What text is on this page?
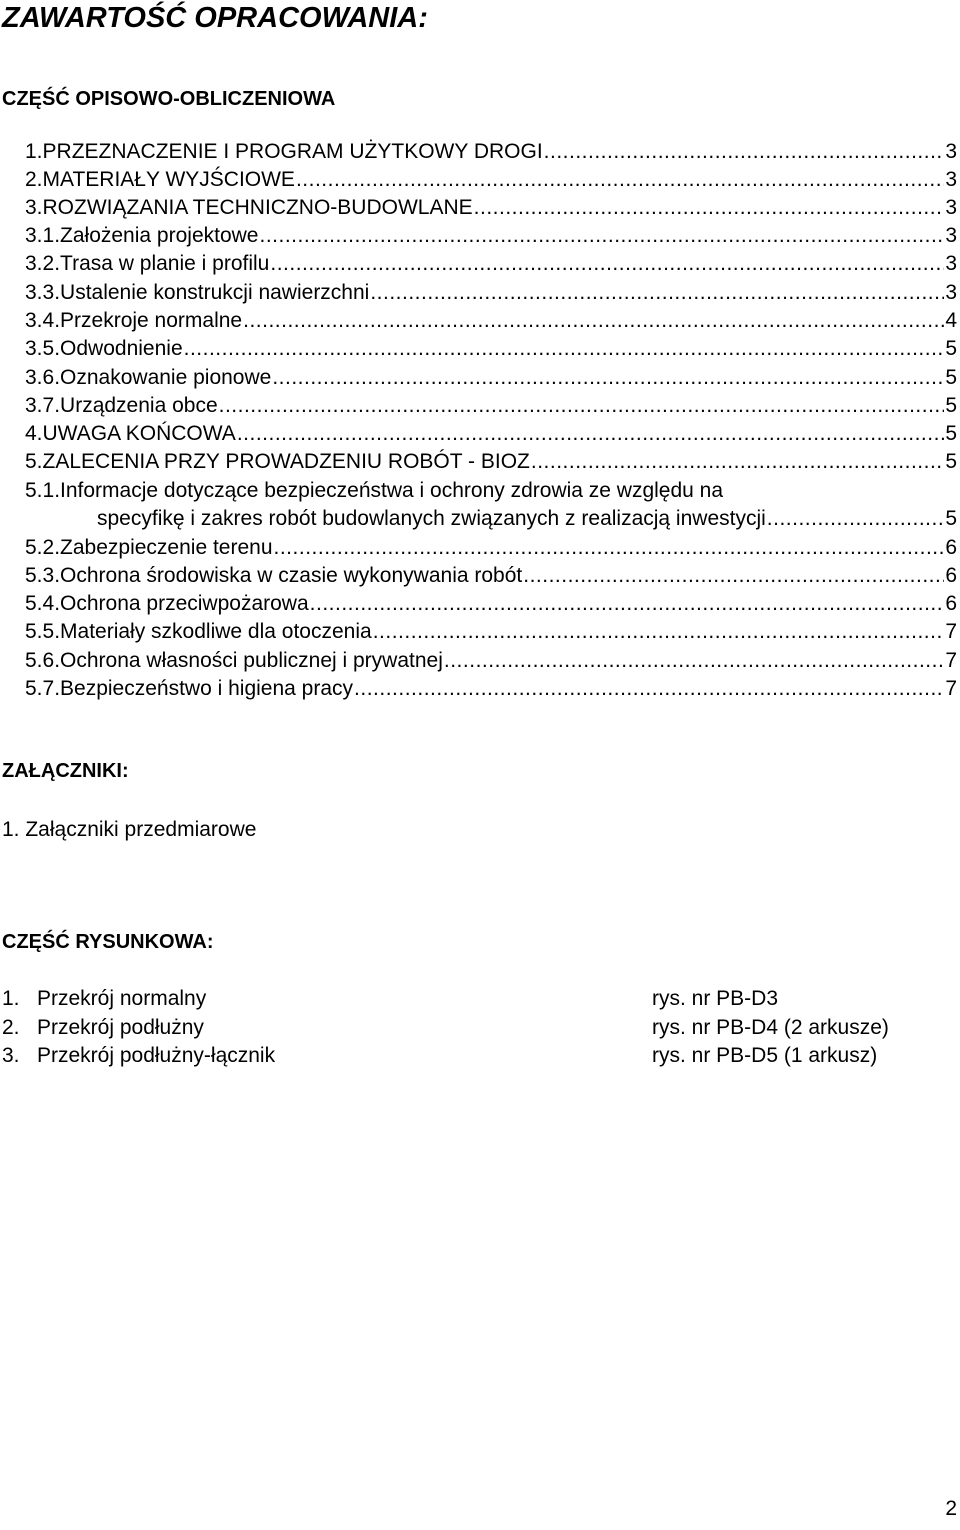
ZAWARTOŚĆ OPRACOWANIA:
CZĘŚĆ OPISOWO-OBLICZENIOWA
1. PRZEZNACZENIE I PROGRAM UŻYTKOWY DROGI .....	3
2. MATERIAŁY WYJŚCIOWE .....	3
3. ROZWIĄZANIA TECHNICZNO-BUDOWLANE .....	3
3.1. Założenia projektowe .....	3
3.2. Trasa w planie i profilu .....	3
3.3. Ustalenie konstrukcji nawierzchni .....	3
3.4. Przekroje normalne .....	4
3.5. Odwodnienie .....	5
3.6. Oznakowanie pionowe .....	5
3.7. Urządzenia obce .....	5
4. UWAGA KOŃCOWA .....	5
5. ZALECENIA PRZY PROWADZENIU ROBÓT - BIOZ .....	5
5.1. Informacje dotyczące bezpieczeństwa i ochrony zdrowia ze względu na
specyfikę i zakres robót budowlanych związanych z realizacją inwestycji .....	5
5.2. Zabezpieczenie terenu .....	6
5.3. Ochrona środowiska w czasie wykonywania robót .....	6
5.4. Ochrona przeciwpożarowa .....	6
5.5. Materiały szkodliwe dla otoczenia .....	7
5.6. Ochrona własności publicznej i prywatnej .....	7
5.7. Bezpieczeństwo i higiena pracy .....	7
ZAŁĄCZNIKI:
1. Załączniki przedmiarowe
CZĘŚĆ RYSUNKOWA:
1. Przekrój normalny	rys. nr PB-D3
2. Przekrój podłużny	rys. nr PB-D4 (2 arkusze)
3. Przekrój podłużny-łącznik	rys. nr PB-D5 (1 arkusz)
2
